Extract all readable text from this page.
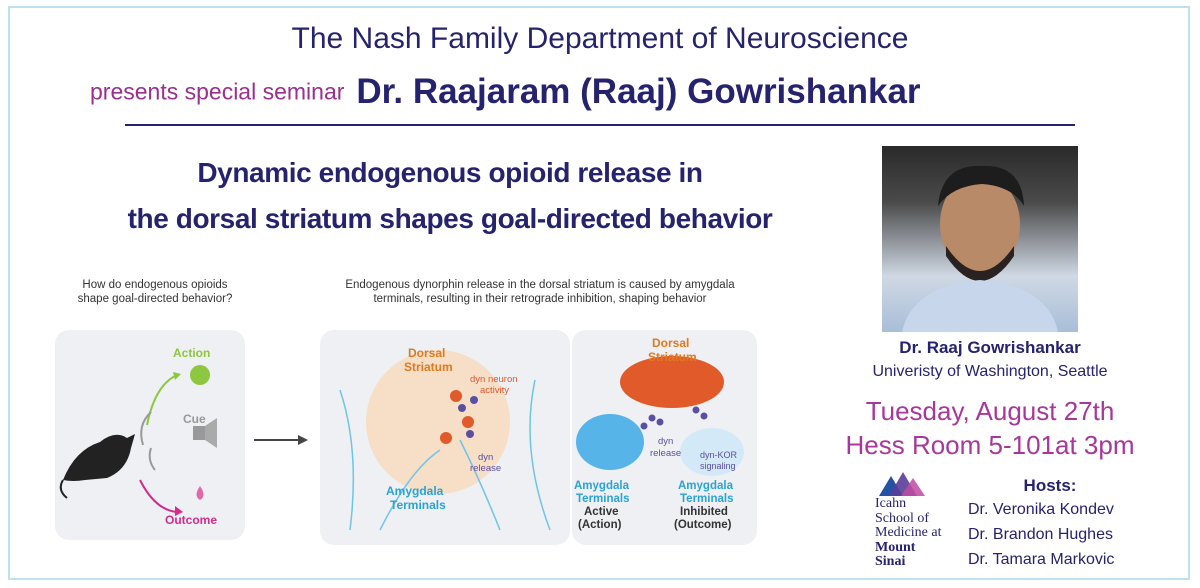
The Nash Family Department of Neuroscience
presents special seminar Dr. Raajaram (Raaj) Gowrishankar
Dynamic endogenous opioid release in
the dorsal striatum shapes goal-directed behavior
How do endogenous opioids
shape goal-directed behavior?
Endogenous dynorphin release in the dorsal striatum is caused by amygdala
terminals, resulting in their retrograde inhibition, shaping behavior
Action
Cue
Outcome
Dorsal
Striatum
dyn neuron
activity
dyn
release
Amygdala
Terminals
Dorsal
Striatum
dyn
release dyn-KOR
signaling
Amygdala
Terminals
Active
(Action)
Amygdala
Terminals
Inhibited
(Outcome)
Dr. Raaj Gowrishankar
Univeristy of Washington, Seattle
Tuesday, August 27th
Hess Room 5-101at 3pm
Icahn
School of
Medicine at
Mount
Sinai
Hosts:
Dr. Veronika Kondev
Dr. Brandon Hughes
Dr. Tamara Markovic
